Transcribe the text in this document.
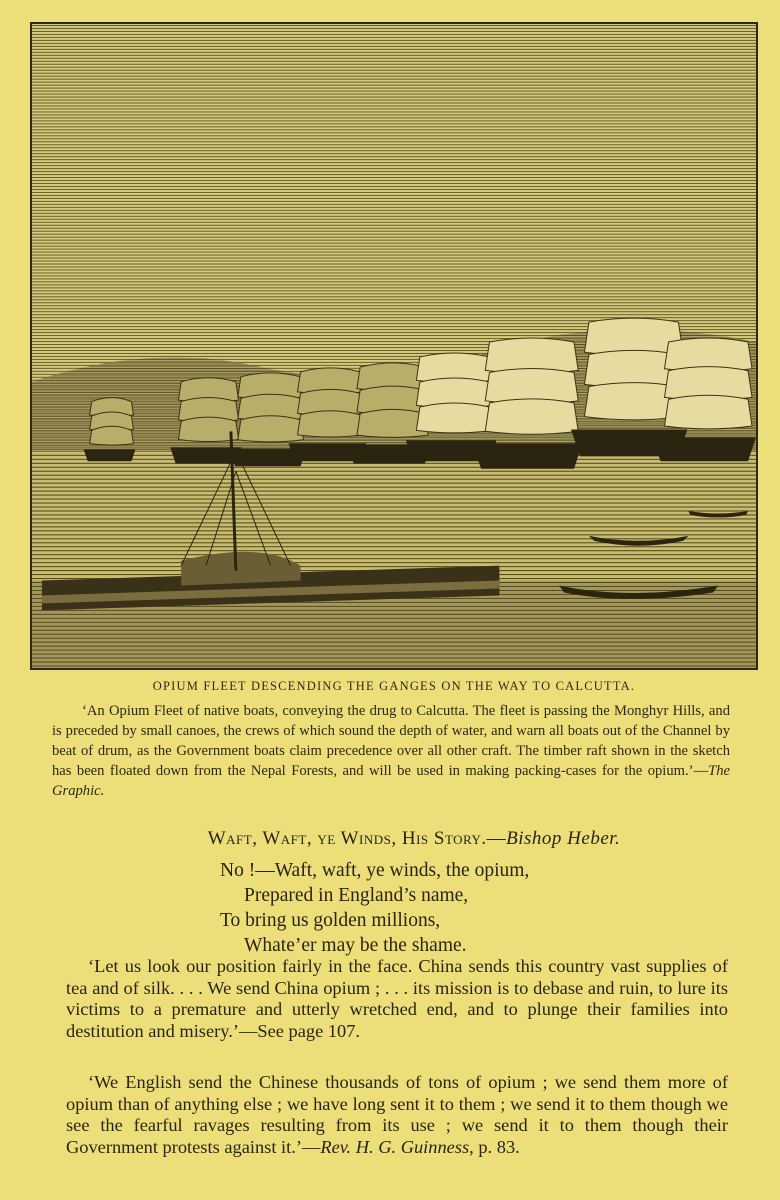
OPIUM FLEET DESCENDING THE GANGES ON THE WAY TO CALCUTTA.
‘An Opium Fleet of native boats, conveying the drug to Calcutta. The fleet is passing the Monghyr Hills, and is preceded by small canoes, the crews of which sound the depth of water, and warn all boats out of the Channel by beat of drum, as the Government boats claim precedence over all other craft. The timber raft shown in the sketch has been floated down from the Nepal Forests, and will be used in making packing-cases for the opium.’—The Graphic.
Waft, Waft, ye Winds, His Story.—Bishop Heber.
No !—Waft, waft, ye winds, the opium,
Prepared in England’s name,
To bring us golden millions,
Whate’er may be the shame.
‘Let us look our position fairly in the face. China sends this country vast supplies of tea and of silk. . . . We send China opium ; . . . its mission is to debase and ruin, to lure its victims to a premature and utterly wretched end, and to plunge their families into destitution and misery.’—See page 107.
‘We English send the Chinese thousands of tons of opium ; we send them more of opium than of anything else ; we have long sent it to them ; we send it to them though we see the fearful ravages resulting from its use ; we send it to them though their Government protests against it.’—Rev. H. G. Guinness, p. 83.
